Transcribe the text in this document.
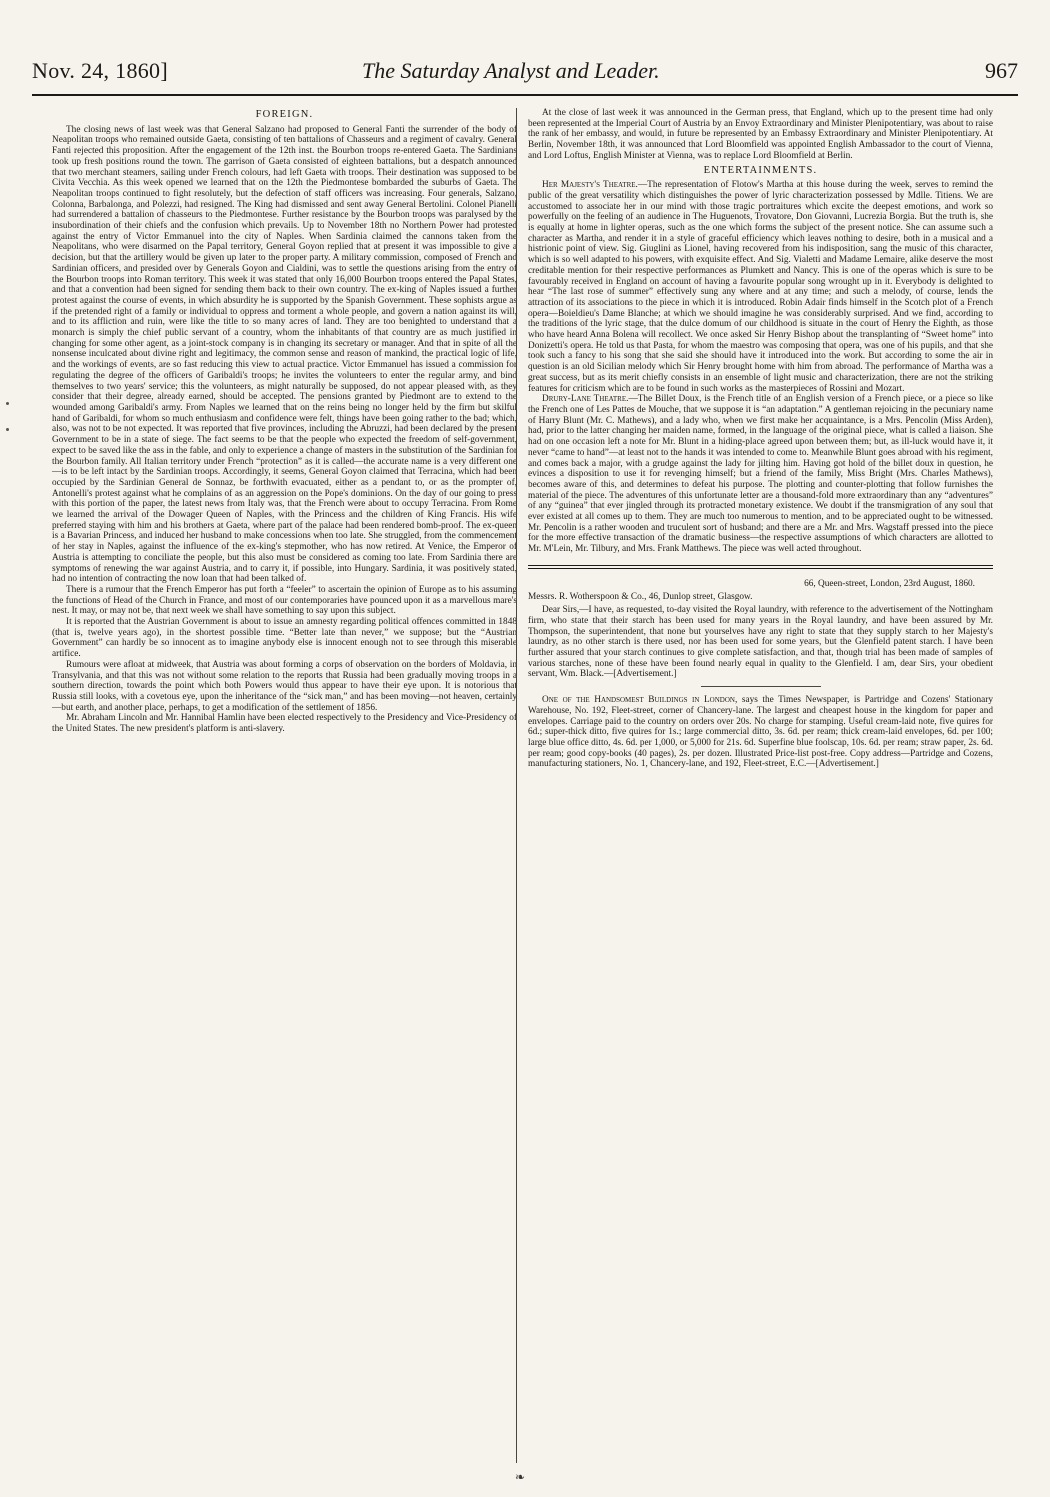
Nov. 24, 1860]	The Saturday Analyst and Leader.	967
FOREIGN.

The closing news of last week was that General Salzano had proposed to General Fanti the surrender of the body of Neapolitan troops who remained outside Gaeta, consisting of ten battalions of Chasseurs and a regiment of cavalry. General Fanti rejected this proposition. After the engagement of the 12th inst. the Bourbon troops re-entered Gaeta. The Sardinians took up fresh positions round the town. The garrison of Gaeta consisted of eighteen battalions, but a despatch announced that two merchant steamers, sailing under French colours, had left Gaeta with troops. Their destination was supposed to be Civita Vecchia. As this week opened we learned that on the 12th the Piedmontese bombarded the suburbs of Gaeta. The Neapolitan troops continued to fight resolutely, but the defection of staff officers was increasing. Four generals, Salzano, Colonna, Barbalonga, and Polezzi, had resigned. The King had dismissed and sent away General Bertolini. Colonel Pianelli had surrendered a battalion of chasseurs to the Piedmontese. Further resistance by the Bourbon troops was paralysed by the insubordination of their chiefs and the confusion which prevails. Up to November 18th no Northern Power had protested against the entry of Victor Emmanuel into the city of Naples. When Sardinia claimed the cannons taken from the Neapolitans, who were disarmed on the Papal territory, General Goyon replied that at present it was impossible to give a decision, but that the artillery would be given up later to the proper party. A military commission, composed of French and Sardinian officers, and presided over by Generals Goyon and Cialdini, was to settle the questions arising from the entry of the Bourbon troops into Roman territory. This week it was stated that only 16,000 Bourbon troops entered the Papal States, and that a convention had been signed for sending them back to their own country. The ex-king of Naples issued a further protest against the course of events, in which absurdity he is supported by the Spanish Government. These sophists argue as if the pretended right of a family or individual to oppress and torment a whole people, and govern a nation against its will, and to its affliction and ruin, were like the title to so many acres of land. They are too benighted to understand that a monarch is simply the chief public servant of a country, whom the inhabitants of that country are as much justified in changing for some other agent, as a joint-stock company is in changing its secretary or manager. And that in spite of all the nonsense inculcated about divine right and legitimacy, the common sense and reason of mankind, the practical logic of life, and the workings of events, are so fast reducing this view to actual practice. Victor Emmanuel has issued a commission for regulating the degree of the officers of Garibaldi's troops; he invites the volunteers to enter the regular army, and bind themselves to two years' service; this the volunteers, as might naturally be supposed, do not appear pleased with, as they consider that their degree, already earned, should be accepted. The pensions granted by Piedmont are to extend to the wounded among Garibaldi's army. From Naples we learned that on the reins being no longer held by the firm but skilful hand of Garibaldi, for whom so much enthusiasm and confidence were felt, things have been going rather to the bad; which, also, was not to be not expected. It was reported that five provinces, including the Abruzzi, had been declared by the present Government to be in a state of siege. The fact seems to be that the people who expected the freedom of self-government, expect to be saved like the ass in the fable, and only to experience a change of masters in the substitution of the Sardinian for the Bourbon family. All Italian territory under French “protection” as it is called—the accurate name is a very different one—is to be left intact by the Sardinian troops. Accordingly, it seems, General Goyon claimed that Terracina, which had been occupied by the Sardinian General de Sonnaz, be forthwith evacuated, either as a pendant to, or as the prompter of, Antonelli's protest against what he complains of as an aggression on the Pope's dominions. On the day of our going to press with this portion of the paper, the latest news from Italy was, that the French were about to occupy Terracina. From Rome we learned the arrival of the Dowager Queen of Naples, with the Princess and the children of King Francis. His wife preferred staying with him and his brothers at Gaeta, where part of the palace had been rendered bomb-proof. The ex-queen is a Bavarian Princess, and induced her husband to make concessions when too late. She struggled, from the commencement of her stay in Naples, against the influence of the ex-king's stepmother, who has now retired. At Venice, the Emperor of Austria is attempting to conciliate the people, but this also must be considered as coming too late. From Sardinia there are symptoms of renewing the war against Austria, and to carry it, if possible, into Hungary. Sardinia, it was positively stated, had no intention of contracting the now loan that had been talked of.

There is a rumour that the French Emperor has put forth a “feeler” to ascertain the opinion of Europe as to his assuming the functions of Head of the Church in France, and most of our contemporaries have pounced upon it as a marvellous mare's nest. It may, or may not be, that next week we shall have something to say upon this subject.

It is reported that the Austrian Government is about to issue an amnesty regarding political offences committed in 1848 (that is, twelve years ago), in the shortest possible time. “Better late than never,” we suppose; but the “Austrian Government” can hardly be so innocent as to imagine anybody else is innocent enough not to see through this miserable artifice.

Rumours were afloat at midweek, that Austria was about forming a corps of observation on the borders of Moldavia, in Transylvania, and that this was not without some relation to the reports that Russia had been gradually moving troops in a southern direction, towards the point which both Powers would thus appear to have their eye upon. It is notorious that Russia still looks, with a covetous eye, upon the inheritance of the “sick man,” and has been moving—not heaven, certainly—but earth, and another place, perhaps, to get a modification of the settlement of 1856.

Mr. Abraham Lincoln and Mr. Hannibal Hamlin have been elected respectively to the Presidency and Vice-Presidency of the United States. The new president's platform is anti-slavery.

At the close of last week it was announced in the German press, that England, which up to the present time had only been represented at the Imperial Court of Austria by an Envoy Extraordinary and Minister Plenipotentiary, was about to raise the rank of her embassy, and would, in future be represented by an Embassy Extraordinary and Minister Plenipotentiary. At Berlin, November 18th, it was announced that Lord Bloomfield was appointed English Ambassador to the court of Vienna, and Lord Loftus, English Minister at Vienna, was to replace Lord Bloomfield at Berlin.

ENTERTAINMENTS.

Her Majesty's Theatre.—The representation of Flotow's Martha at this house during the week, serves to remind the public of the great versatility which distinguishes the power of lyric characterization possessed by Mdlle. Titiens. We are accustomed to associate her in our mind with those tragic portraitures which excite the deepest emotions, and work so powerfully on the feeling of an audience in The Huguenots, Trovatore, Don Giovanni, Lucrezia Borgia. But the truth is, she is equally at home in lighter operas, such as the one which forms the subject of the present notice. She can assume such a character as Martha, and render it in a style of graceful efficiency which leaves nothing to desire, both in a musical and a histrionic point of view. Sig. Giuglini as Lionel, having recovered from his indisposition, sang the music of this character, which is so well adapted to his powers, with exquisite effect. And Sig. Vialetti and Madame Lemaire, alike deserve the most creditable mention for their respective performances as Plumkett and Nancy. This is one of the operas which is sure to be favourably received in England on account of having a favourite popular song wrought up in it. Everybody is delighted to hear “The last rose of summer” effectively sung any where and at any time; and such a melody, of course, lends the attraction of its associations to the piece in which it is introduced. Robin Adair finds himself in the Scotch plot of a French opera—Boieldieu's Dame Blanche; at which we should imagine he was considerably surprised. And we find, according to the traditions of the lyric stage, that the dulce domum of our childhood is situate in the court of Henry the Eighth, as those who have heard Anna Bolena will recollect. We once asked Sir Henry Bishop about the transplanting of “Sweet home” into Donizetti's opera. He told us that Pasta, for whom the maestro was composing that opera, was one of his pupils, and that she took such a fancy to his song that she said she should have it introduced into the work. But according to some the air in question is an old Sicilian melody which Sir Henry brought home with him from abroad. The performance of Martha was a great success, but as its merit chiefly consists in an ensemble of light music and characterization, there are not the striking features for criticism which are to be found in such works as the masterpieces of Rossini and Mozart.

Drury-Lane Theatre.—The Billet Doux, is the French title of an English version of a French piece, or a piece so like the French one of Les Pattes de Mouche, that we suppose it is “an adaptation.” A gentleman rejoicing in the pecuniary name of Harry Blunt (Mr. C. Mathews), and a lady who, when we first make her acquaintance, is a Mrs. Pencolin (Miss Arden), had, prior to the latter changing her maiden name, formed, in the language of the original piece, what is called a liaison. She had on one occasion left a note for Mr. Blunt in a hiding-place agreed upon between them; but, as ill-luck would have it, it never “came to hand”—at least not to the hands it was intended to come to. Meanwhile Blunt goes abroad with his regiment, and comes back a major, with a grudge against the lady for jilting him. Having got hold of the billet doux in question, he evinces a disposition to use it for revenging himself; but a friend of the family, Miss Bright (Mrs. Charles Mathews), becomes aware of this, and determines to defeat his purpose. The plotting and counter-plotting that follow furnishes the material of the piece. The adventures of this unfortunate letter are a thousand-fold more extraordinary than any “adventures” of any “guinea” that ever jingled through its protracted monetary existence. We doubt if the transmigration of any soul that ever existed at all comes up to them. They are much too numerous to mention, and to be appreciated ought to be witnessed. Mr. Pencolin is a rather wooden and truculent sort of husband; and there are a Mr. and Mrs. Wagstaff pressed into the piece for the more effective transaction of the dramatic business—the respective assumptions of which characters are allotted to Mr. M'Lein, Mr. Tilbury, and Mrs. Frank Matthews. The piece was well acted throughout.

66, Queen-street, London, 23rd August, 1860.

Messrs. R. Wotherspoon & Co., 46, Dunlop street, Glasgow.

Dear Sirs,—I have, as requested, to-day visited the Royal laundry, with reference to the advertisement of the Nottingham firm, who state that their starch has been used for many years in the Royal laundry, and have been assured by Mr. Thompson, the superintendent, that none but yourselves have any right to state that they supply starch to her Majesty's laundry, as no other starch is there used, nor has been used for some years, but the Glenfield patent starch. I have been further assured that your starch continues to give complete satisfaction, and that, though trial has been made of samples of various starches, none of these have been found nearly equal in quality to the Glenfield. I am, dear Sirs, your obedient servant, Wm. Black.—[Advertisement.]

One of the Handsomest Buildings in London, says the Times Newspaper, is Partridge and Cozens' Stationary Warehouse, No. 192, Fleet-street, corner of Chancery-lane. The largest and cheapest house in the kingdom for paper and envelopes. Carriage paid to the country on orders over 20s. No charge for stamping. Useful cream-laid note, five quires for 6d.; super-thick ditto, five quires for 1s.; large commercial ditto, 3s. 6d. per ream; thick cream-laid envelopes, 6d. per 100; large blue office ditto, 4s. 6d. per 1,000, or 5,000 for 21s. 6d. Superfine blue foolscap, 10s. 6d. per ream; straw paper, 2s. 6d. per ream; good copy-books (40 pages), 2s. per dozen. Illustrated Price-list post-free. Copy address—Partridge and Cozens, manufacturing stationers, No. 1, Chancery-lane, and 192, Fleet-street, E.C.—[Advertisement.]

❧
